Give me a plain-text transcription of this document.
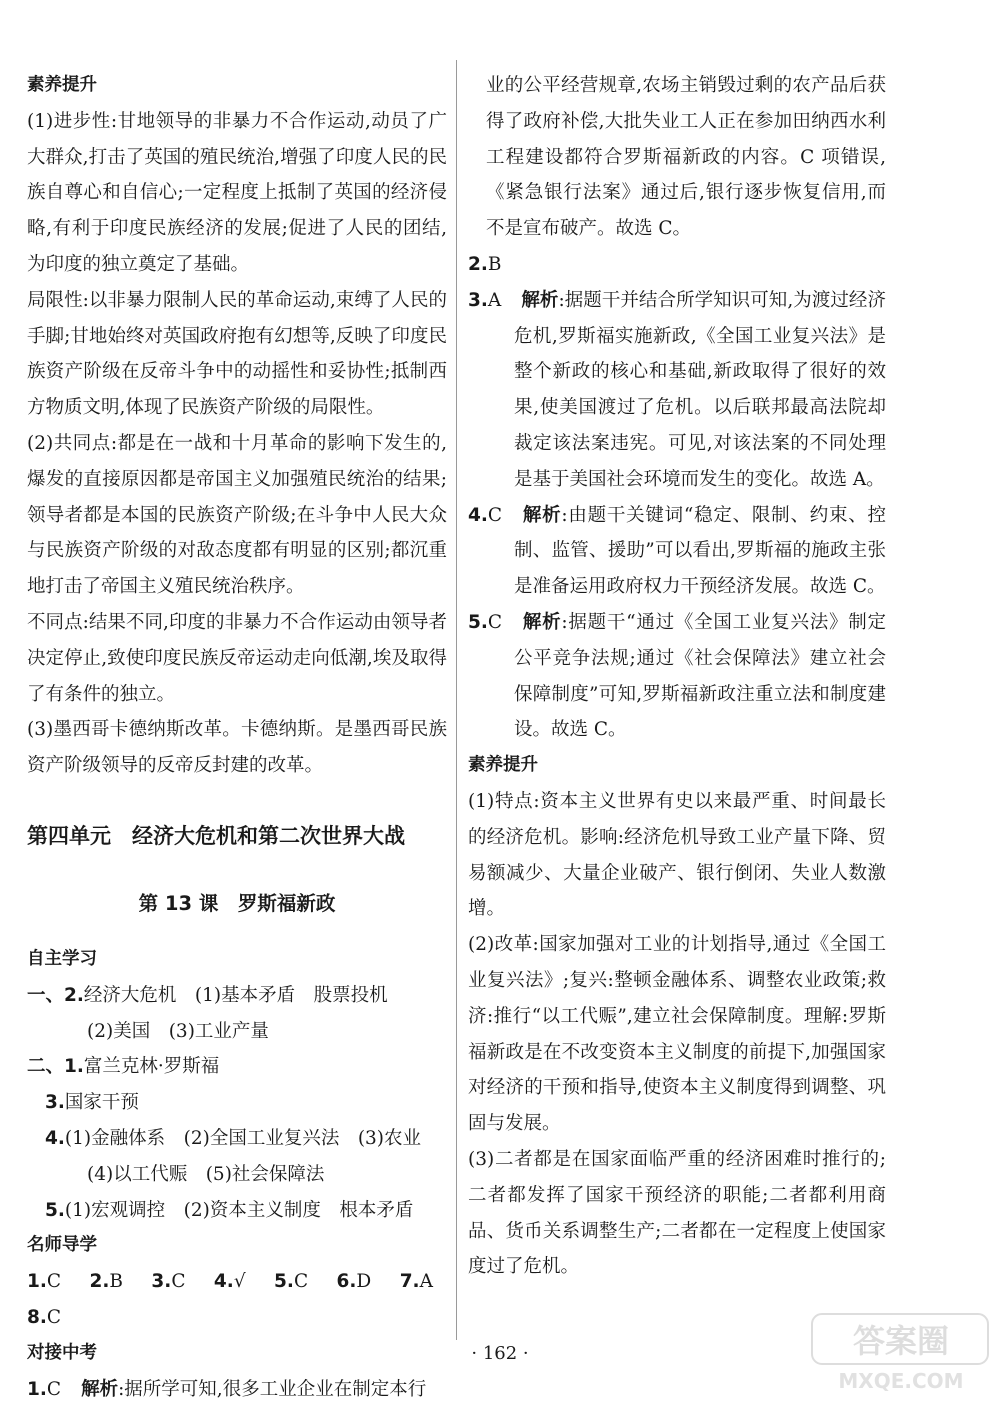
素养提升

(1)进步性:甘地领导的非暴力不合作运动,动员了广大群众,打击了英国的殖民统治,增强了印度人民的民族自尊心和自信心;一定程度上抵制了英国的经济侵略,有利于印度民族经济的发展;促进了人民的团结,为印度的独立奠定了基础。

局限性:以非暴力限制人民的革命运动,束缚了人民的手脚;甘地始终对英国政府抱有幻想等,反映了印度民族资产阶级在反帝斗争中的动摇性和妥协性;抵制西方物质文明,体现了民族资产阶级的局限性。

(2)共同点:都是在一战和十月革命的影响下发生的,爆发的直接原因都是帝国主义加强殖民统治的结果;领导者都是本国的民族资产阶级;在斗争中人民大众与民族资产阶级的对敌态度都有明显的区别;都沉重地打击了帝国主义殖民统治秩序。

不同点:结果不同,印度的非暴力不合作运动由领导者决定停止,致使印度民族反帝运动走向低潮,埃及取得了有条件的独立。

(3)墨西哥卡德纳斯改革。卡德纳斯。是墨西哥民族资产阶级领导的反帝反封建的改革。

第四单元　经济大危机和第二次世界大战

第 13 课　罗斯福新政

自主学习

一、2.经济大危机　(1)基本矛盾　股票投机

(2)美国　(3)工业产量

二、1.富兰克林·罗斯福

3.国家干预

4.(1)金融体系　(2)全国工业复兴法　(3)农业

(4)以工代赈　(5)社会保障法

5.(1)宏观调控　(2)资本主义制度　根本矛盾

名师导学

1.C 2.B 3.C 4.√ 5.C 6.D 7.A 8.C

对接中考

1.C 解析:据所学可知,很多工业企业在制定本行

业的公平经营规章,农场主销毁过剩的农产品后获得了政府补偿,大批失业工人正在参加田纳西水利工程建设都符合罗斯福新政的内容。C 项错误,《紧急银行法案》通过后,银行逐步恢复信用,而不是宣布破产。故选 C。

2.B

3.A 解析:据题干并结合所学知识可知,为渡过经济危机,罗斯福实施新政,《全国工业复兴法》是整个新政的核心和基础,新政取得了很好的效果,使美国渡过了危机。以后联邦最高法院却裁定该法案违宪。可见,对该法案的不同处理是基于美国社会环境而发生的变化。故选 A。

4.C 解析:由题干关键词“稳定、限制、约束、控制、监管、援助”可以看出,罗斯福的施政主张是准备运用政府权力干预经济发展。故选 C。

5.C 解析:据题干“通过《全国工业复兴法》制定公平竞争法规;通过《社会保障法》建立社会保障制度”可知,罗斯福新政注重立法和制度建设。故选 C。

素养提升

(1)特点:资本主义世界有史以来最严重、时间最长的经济危机。影响:经济危机导致工业产量下降、贸易额减少、大量企业破产、银行倒闭、失业人数激增。

(2)改革:国家加强对工业的计划指导,通过《全国工业复兴法》;复兴:整顿金融体系、调整农业政策;救济:推行“以工代赈”,建立社会保障制度。理解:罗斯福新政是在不改变资本主义制度的前提下,加强国家对经济的干预和指导,使资本主义制度得到调整、巩固与发展。

(3)二者都是在国家面临严重的经济困难时推行的;二者都发挥了国家干预经济的职能;二者都利用商品、货币关系调整生产;二者都在一定程度上使国家度过了危机。

· 162 ·	答案圈
MXQE.COM
